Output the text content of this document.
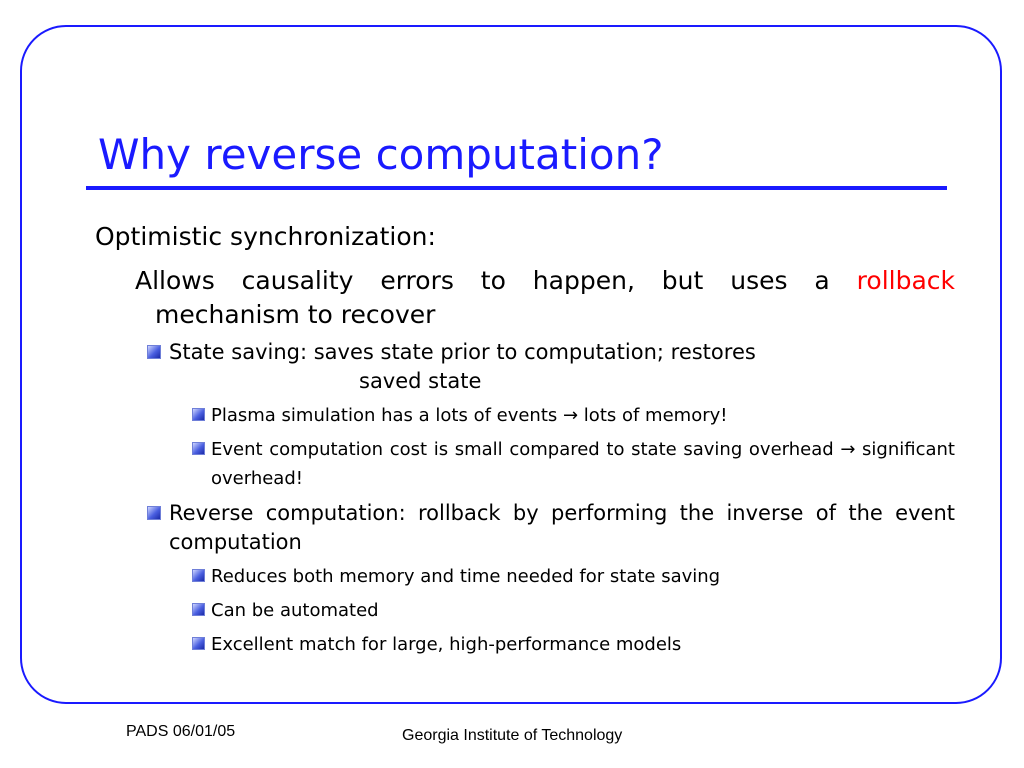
Why reverse computation?

Optimistic synchronization:

Allows causality errors to happen, but uses a rollback mechanism to recover

State saving: saves state prior to computation; restores
saved state
Plasma simulation has a lots of events → lots of memory!
Event computation cost is small compared to state saving overhead → significant overhead!
Reverse computation: rollback by performing the inverse of the event computation
Reduces both memory and time needed for state saving
Can be automated
Excellent match for large, high-performance models
PADS 06/01/05	Georgia Institute of Technology
